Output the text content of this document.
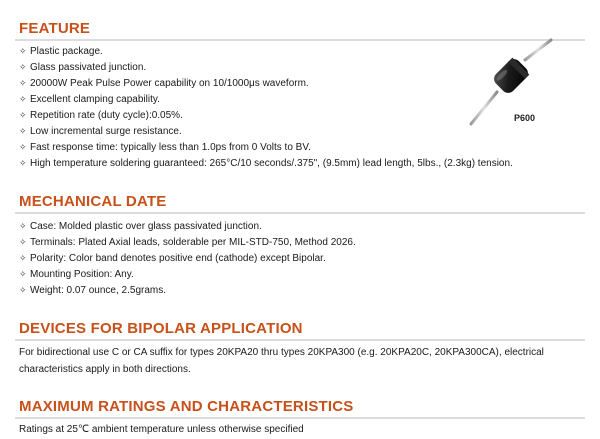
FEATURE
✧ Plastic package.
✧ Glass passivated junction.
✧ 20000W Peak Pulse Power capability on 10/1000μs waveform.
✧ Excellent clamping capability.
✧ Repetition rate (duty cycle):0.05%.
✧ Low incremental surge resistance.
✧ Fast response time: typically less than 1.0ps from 0 Volts to BV.
✧ High temperature soldering guaranteed: 265°C/10 seconds/.375", (9.5mm) lead length, 5lbs., (2.3kg) tension.
P600
MECHANICAL DATE
✧ Case: Molded plastic over glass passivated junction.
✧ Terminals: Plated Axial leads, solderable per MIL-STD-750, Method 2026.
✧ Polarity: Color band denotes positive end (cathode) except Bipolar.
✧ Mounting Position: Any.
✧ Weight: 0.07 ounce, 2.5grams.
DEVICES FOR BIPOLAR APPLICATION
For bidirectional use C or CA suffix for types 20KPA20 thru types 20KPA300 (e.g. 20KPA20C, 20KPA300CA), electrical characteristics apply in both directions.
MAXIMUM RATINGS AND CHARACTERISTICS
Ratings at 25℃ ambient temperature unless otherwise specified
